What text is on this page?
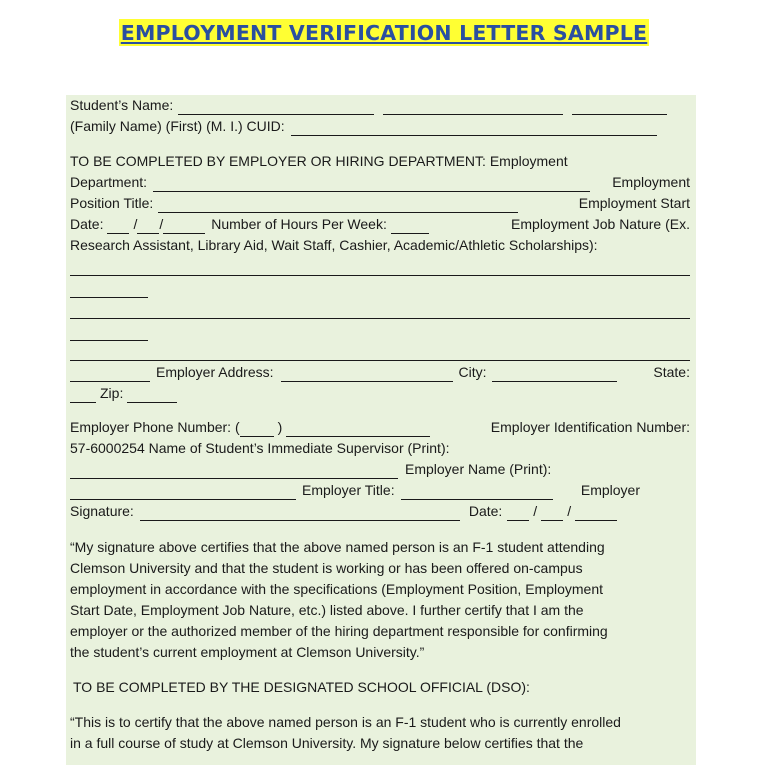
EMPLOYMENT VERIFICATION LETTER SAMPLE
Student’s Name:
(Family Name) (First) (M. I.) CUID:
TO BE COMPLETED BY EMPLOYER OR HIRING DEPARTMENT: Employment
Department:	Employment
Position Title:	Employment Start
Date: / /	Number of Hours Per Week:	Employment Job Nature (Ex.
Research Assistant, Library Aid, Wait Staff, Cashier, Academic/Athletic Scholarships):
Employer Address:	City:	State:
Zip:
Employer Phone Number: (	)	Employer Identification Number:
57-6000254 Name of Student’s Immediate Supervisor (Print):
Employer Name (Print):
Employer Title:	Employer
Signature:	Date: / /
“My signature above certifies that the above named person is an F-1 student attending
Clemson University and that the student is working or has been offered on-campus
employment in accordance with the specifications (Employment Position, Employment
Start Date, Employment Job Nature, etc.) listed above. I further certify that I am the
employer or the authorized member of the hiring department responsible for confirming
the student’s current employment at Clemson University.”
TO BE COMPLETED BY THE DESIGNATED SCHOOL OFFICIAL (DSO):
“This is to certify that the above named person is an F-1 student who is currently enrolled
in a full course of study at Clemson University. My signature below certifies that the
